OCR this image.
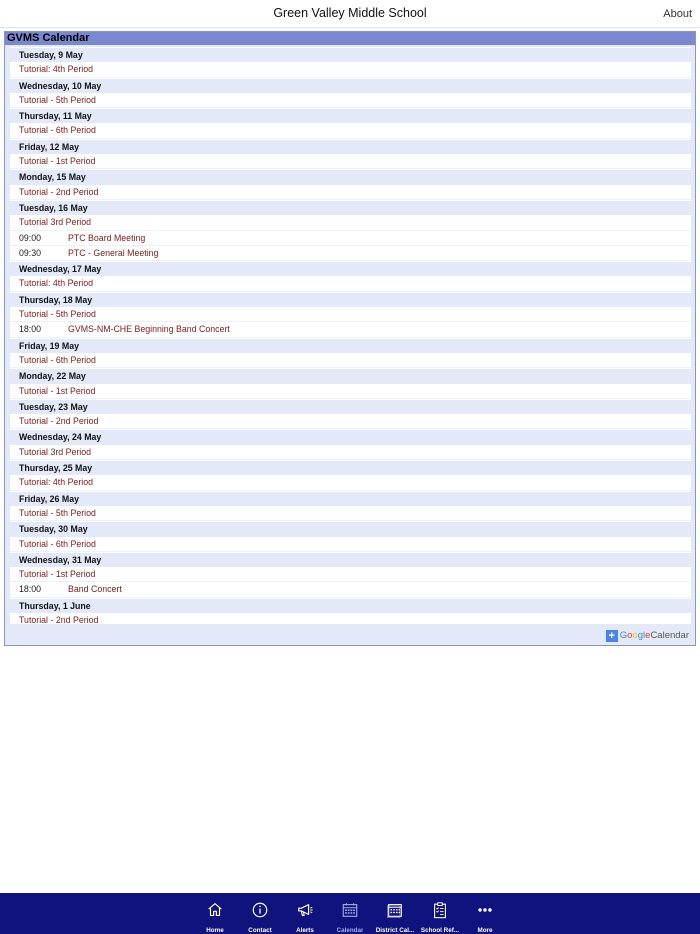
Green Valley Middle School	About
GVMS Calendar
Tuesday, 9 May
Tutorial: 4th Period
Wednesday, 10 May
Tutorial - 5th Period
Thursday, 11 May
Tutorial - 6th Period
Friday, 12 May
Tutorial - 1st Period
Monday, 15 May
Tutorial - 2nd Period
Tuesday, 16 May
Tutorial 3rd Period
09:00	PTC Board Meeting
09:30	PTC - General Meeting
Wednesday, 17 May
Tutorial: 4th Period
Thursday, 18 May
Tutorial - 5th Period
18:00	GVMS-NM-CHE Beginning Band Concert
Friday, 19 May
Tutorial - 6th Period
Monday, 22 May
Tutorial - 1st Period
Tuesday, 23 May
Tutorial - 2nd Period
Wednesday, 24 May
Tutorial 3rd Period
Thursday, 25 May
Tutorial: 4th Period
Friday, 26 May
Tutorial - 5th Period
Tuesday, 30 May
Tutorial - 6th Period
Wednesday, 31 May
Tutorial - 1st Period
18:00	Band Concert
Thursday, 1 June
Tutorial - 2nd Period
+ GoogleCalendar
Home	Contact	Alerts	Calendar District Cal... School Ref...	More
